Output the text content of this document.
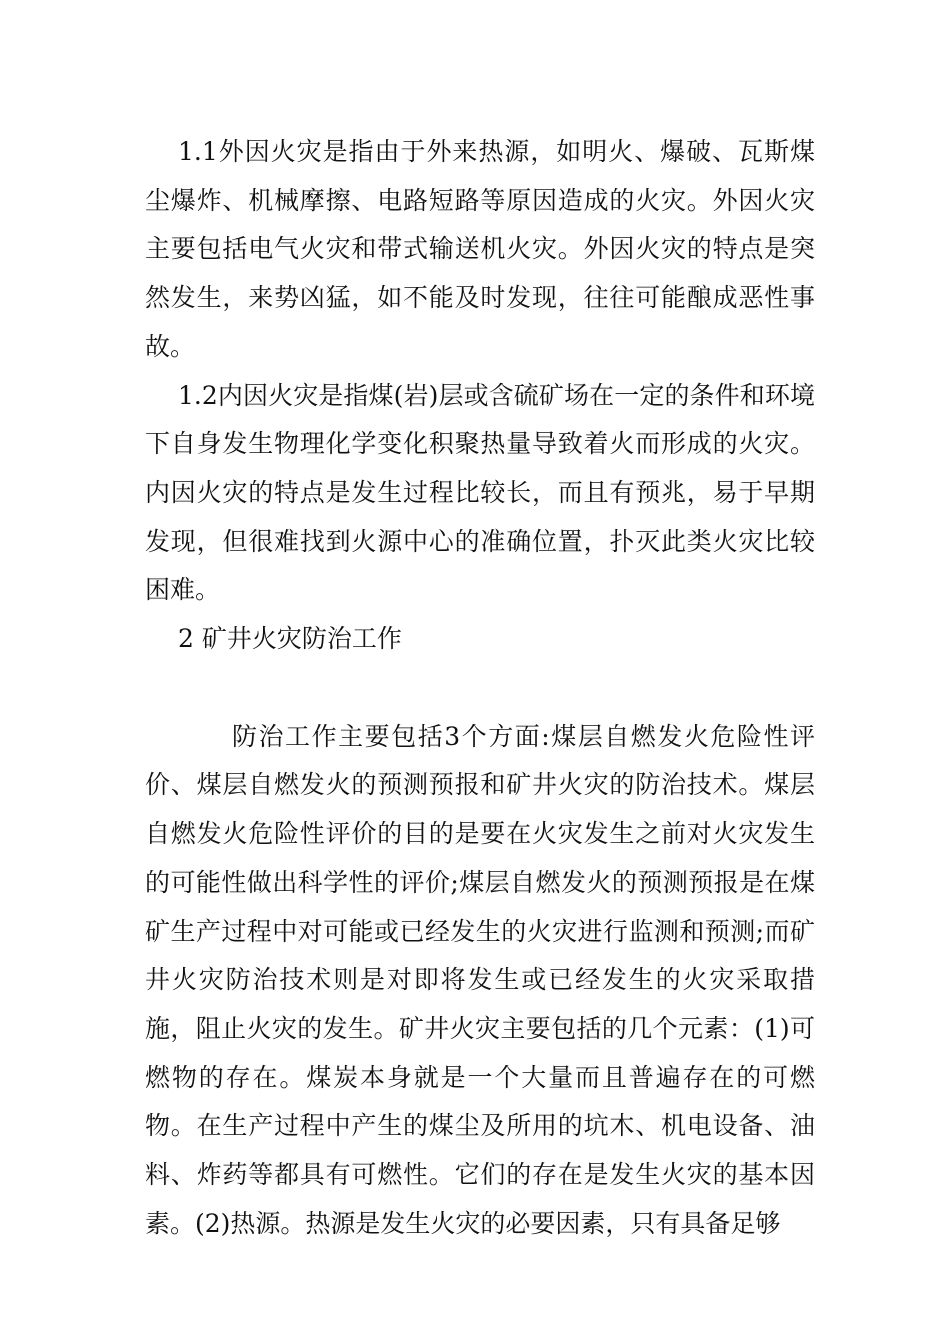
1.1外因火灾是指由于外来热源，如明火、爆破、瓦斯煤尘爆炸、机械摩擦、电路短路等原因造成的火灾。外因火灾主要包括电气火灾和带式输送机火灾。外因火灾的特点是突然发生，来势凶猛，如不能及时发现，往往可能酿成恶性事故。

1.2内因火灾是指煤(岩)层或含硫矿场在一定的条件和环境下自身发生物理化学变化积聚热量导致着火而形成的火灾。内因火灾的特点是发生过程比较长，而且有预兆，易于早期发现，但很难找到火源中心的准确位置，扑灭此类火灾比较困难。

2 矿井火灾防治工作

防治工作主要包括3个方面:煤层自燃发火危险性评价、煤层自燃发火的预测预报和矿井火灾的防治技术。煤层自燃发火危险性评价的目的是要在火灾发生之前对火灾发生的可能性做出科学性的评价;煤层自燃发火的预测预报是在煤矿生产过程中对可能或已经发生的火灾进行监测和预测;而矿井火灾防治技术则是对即将发生或已经发生的火灾采取措施，阻止火灾的发生。矿井火灾主要包括的几个元素：(1)可燃物的存在。煤炭本身就是一个大量而且普遍存在的可燃物。在生产过程中产生的煤尘及所用的坑木、机电设备、油料、炸药等都具有可燃性。它们的存在是发生火灾的基本因素。(2)热源。热源是发生火灾的必要因素，只有具备足够
